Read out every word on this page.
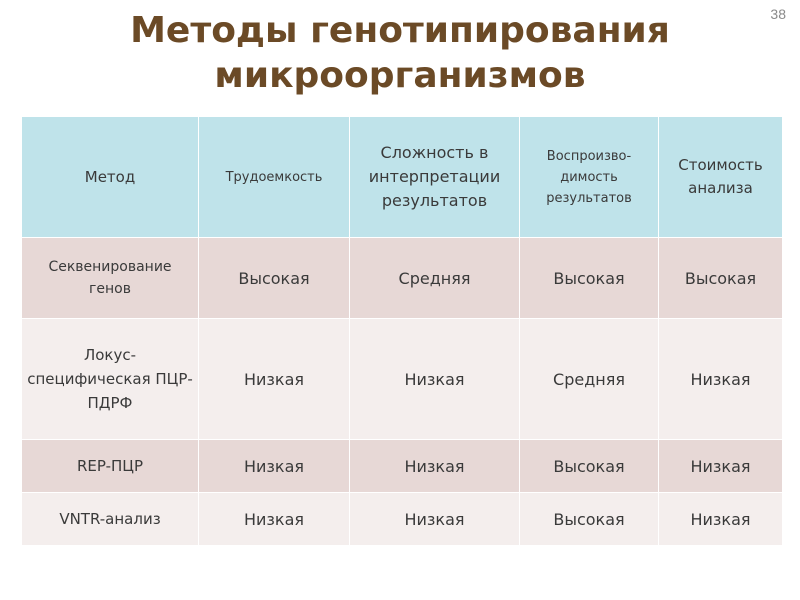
38
Методы генотипирования
микроорганизмов
Метод	Трудоемкость	Сложность в интерпретации результатов	Воспроизво-димость результатов	Стоимость анализа
Секвенирование генов	Высокая	Средняя	Высокая	Высокая
Локус-специфическая ПЦР-ПДРФ	Низкая	Низкая	Средняя	Низкая
REP-ПЦР	Низкая	Низкая	Высокая	Низкая
VNTR-анализ	Низкая	Низкая	Высокая	Низкая
